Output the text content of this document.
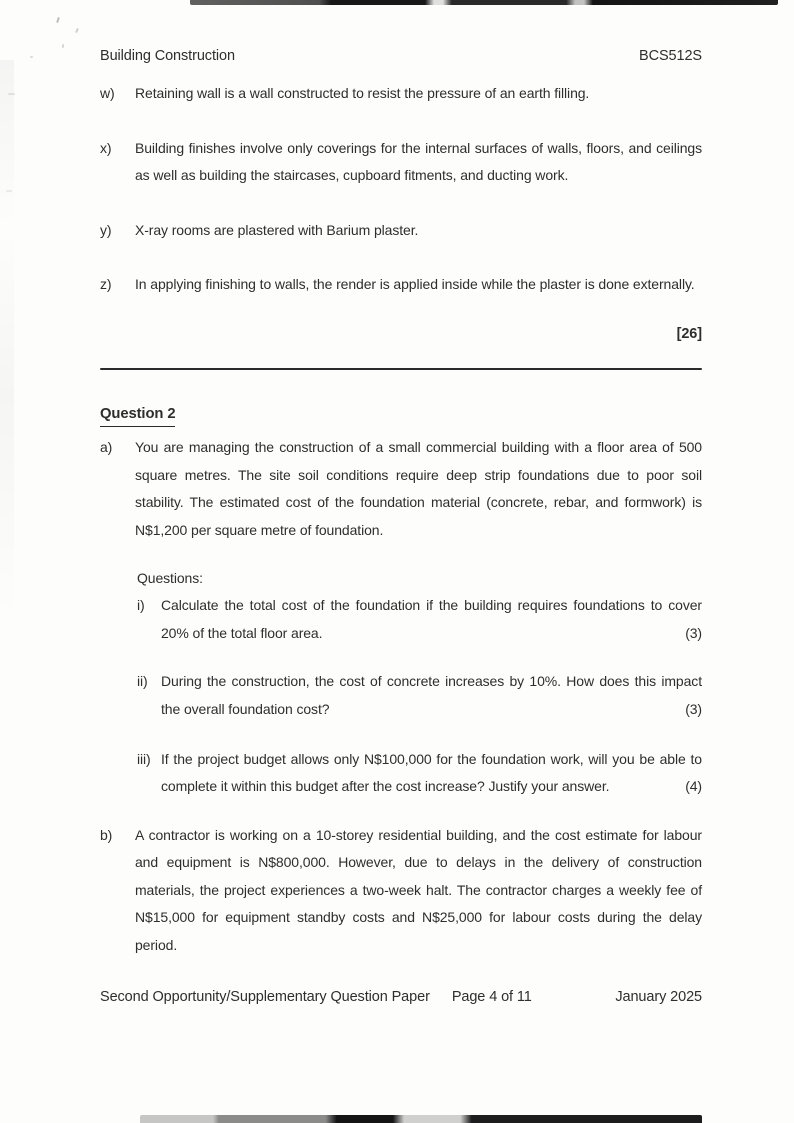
Building Construction	BCS512S
w)	Retaining wall is a wall constructed to resist the pressure of an earth filling.
x)	Building finishes involve only coverings for the internal surfaces of walls, floors, and ceilings as well as building the staircases, cupboard fitments, and ducting work.
y)	X-ray rooms are plastered with Barium plaster.
z)	In applying finishing to walls, the render is applied inside while the plaster is done externally.
[26]
Question 2
a)	You are managing the construction of a small commercial building with a floor area of 500 square metres. The site soil conditions require deep strip foundations due to poor soil stability. The estimated cost of the foundation material (concrete, rebar, and formwork) is N$1,200 per square metre of foundation.
Questions:
i)	Calculate the total cost of the foundation if the building requires foundations to cover 20% of the total floor area.	(3)
ii) During the construction, the cost of concrete increases by 10%. How does this impact the overall foundation cost?	(3)
iii) If the project budget allows only N$100,000 for the foundation work, will you be able to complete it within this budget after the cost increase? Justify your answer.	(4)
b)	A contractor is working on a 10-storey residential building, and the cost estimate for labour and equipment is N$800,000. However, due to delays in the delivery of construction materials, the project experiences a two-week halt. The contractor charges a weekly fee of N$15,000 for equipment standby costs and N$25,000 for labour costs during the delay period.
Second Opportunity/Supplementary Question Paper Page 4 of 11	January 2025
